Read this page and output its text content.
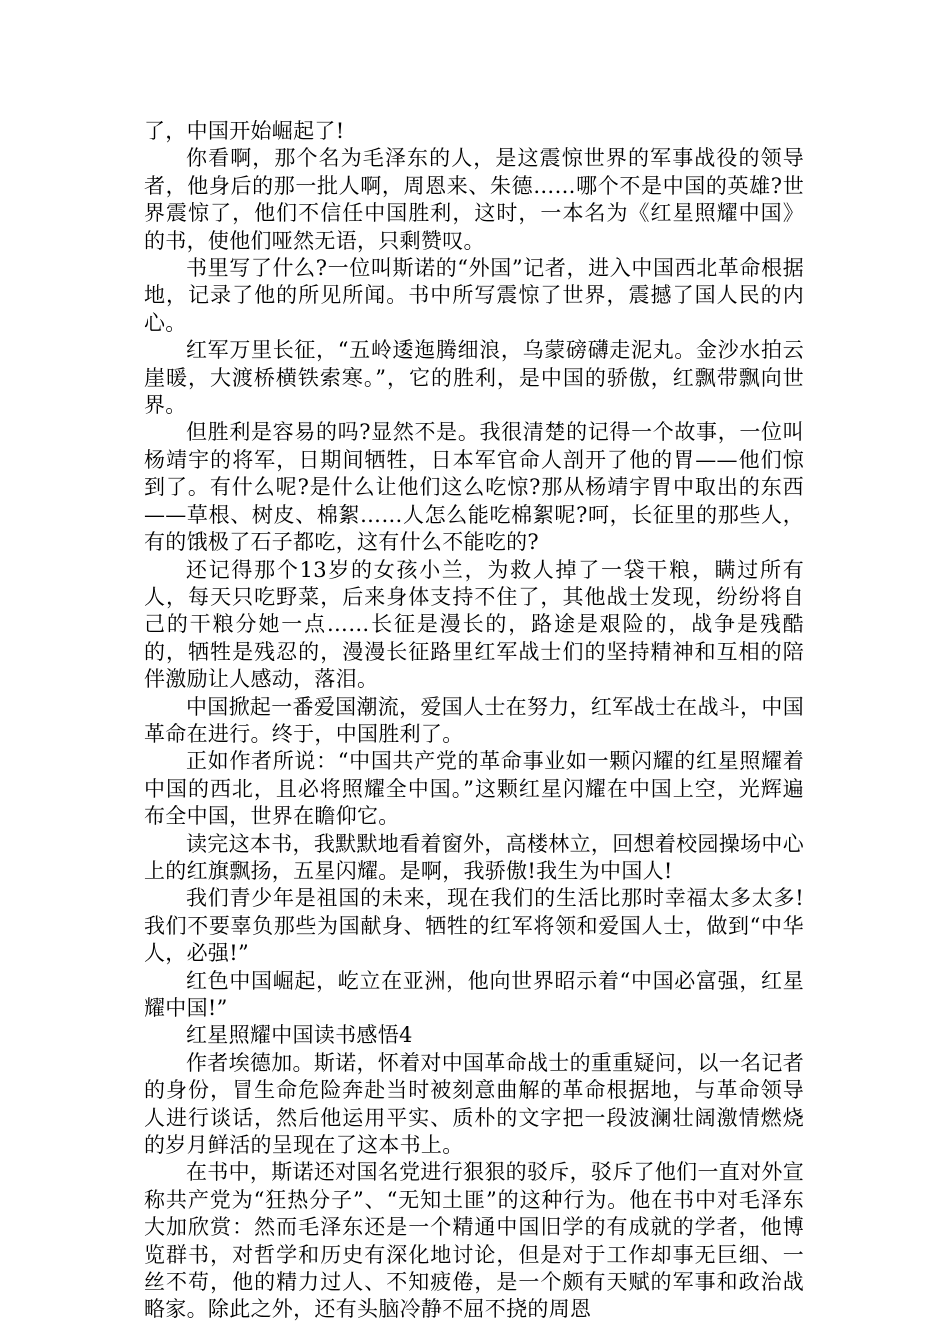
了，中国开始崛起了!

你看啊，那个名为毛泽东的人，是这震惊世界的军事战役的领导者，他身后的那一批人啊，周恩来、朱德……哪个不是中国的英雄?世界震惊了，他们不信任中国胜利，这时，一本名为《红星照耀中国》的书，使他们哑然无语，只剩赞叹。

书里写了什么?一位叫斯诺的“外国”记者，进入中国西北革命根据地，记录了他的所见所闻。书中所写震惊了世界，震撼了国人民的内心。

红军万里长征，“五岭逶迤腾细浪，乌蒙磅礴走泥丸。金沙水拍云崖暖，大渡桥横铁索寒。”，它的胜利，是中国的骄傲，红飘带飘向世界。

但胜利是容易的吗?显然不是。我很清楚的记得一个故事，一位叫杨靖宇的将军，日期间牺牲，日本军官命人剖开了他的胃——他们惊到了。有什么呢?是什么让他们这么吃惊?那从杨靖宇胃中取出的东西——草根、树皮、棉絮……人怎么能吃棉絮呢?呵，长征里的那些人，有的饿极了石子都吃，这有什么不能吃的?

还记得那个13岁的女孩小兰，为救人掉了一袋干粮，瞒过所有人，每天只吃野菜，后来身体支持不住了，其他战士发现，纷纷将自己的干粮分她一点……长征是漫长的，路途是艰险的，战争是残酷的，牺牲是残忍的，漫漫长征路里红军战士们的坚持精神和互相的陪伴激励让人感动，落泪。

中国掀起一番爱国潮流，爱国人士在努力，红军战士在战斗，中国革命在进行。终于，中国胜利了。

正如作者所说：“中国共产党的革命事业如一颗闪耀的红星照耀着中国的西北，且必将照耀全中国。”这颗红星闪耀在中国上空，光辉遍布全中国，世界在瞻仰它。

读完这本书，我默默地看着窗外，高楼林立，回想着校园操场中心上的红旗飘扬，五星闪耀。是啊，我骄傲!我生为中国人!

我们青少年是祖国的未来，现在我们的生活比那时幸福太多太多!我们不要辜负那些为国献身、牺牲的红军将领和爱国人士，做到“中华人，必强!”

红色中国崛起，屹立在亚洲，他向世界昭示着“中国必富强，红星耀中国!”

红星照耀中国读书感悟4

作者埃德加。斯诺，怀着对中国革命战士的重重疑问，以一名记者的身份，冒生命危险奔赴当时被刻意曲解的革命根据地，与革命领导人进行谈话，然后他运用平实、质朴的文字把一段波澜壮阔激情燃烧的岁月鲜活的呈现在了这本书上。

在书中，斯诺还对国名党进行狠狠的驳斥，驳斥了他们一直对外宣称共产党为“狂热分子”、“无知土匪”的这种行为。他在书中对毛泽东大加欣赏：然而毛泽东还是一个精通中国旧学的有成就的学者，他博览群书，对哲学和历史有深化地讨论，但是对于工作却事无巨细、一丝不苟，他的精力过人、不知疲倦，是一个颇有天赋的军事和政治战略家。除此之外，还有头脑冷静不屈不挠的周恩
